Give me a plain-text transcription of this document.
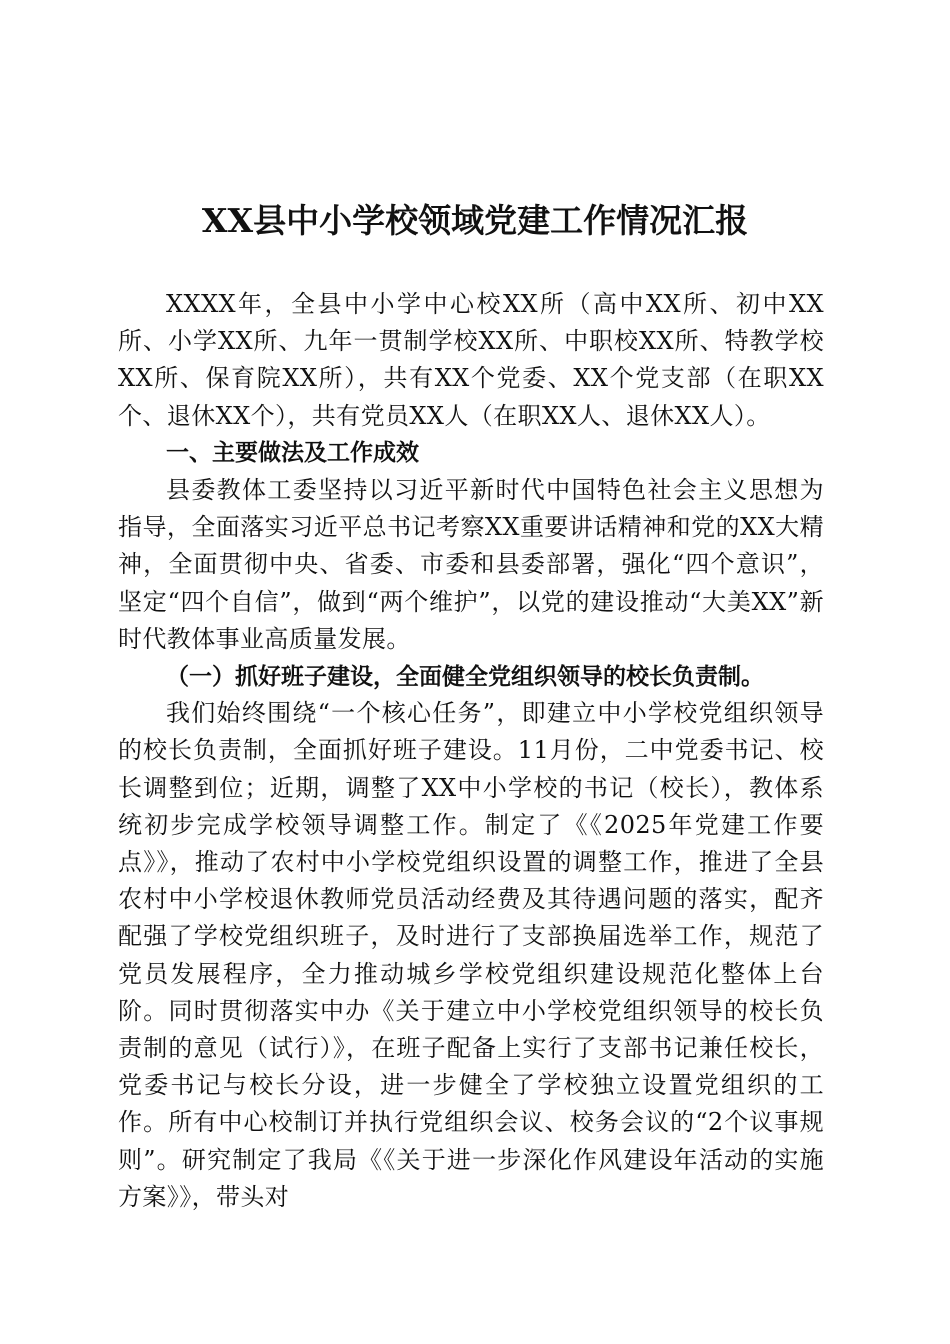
XX县中小学校领域党建工作情况汇报

XXXX年，全县中小学中心校XX所（高中XX所、初中XX所、小学XX所、九年一贯制学校XX所、中职校XX所、特教学校XX所、保育院XX所），共有XX个党委、XX个党支部（在职XX个、退休XX个），共有党员XX人（在职XX人、退休XX人）。

一、主要做法及工作成效

县委教体工委坚持以习近平新时代中国特色社会主义思想为指导，全面落实习近平总书记考察XX重要讲话精神和党的XX大精神，全面贯彻中央、省委、市委和县委部署，强化“四个意识”，坚定“四个自信”，做到“两个维护”，以党的建设推动“大美XX”新时代教体事业高质量发展。

（一）抓好班子建设，全面健全党组织领导的校长负责制。

我们始终围绕“一个核心任务”，即建立中小学校党组织领导的校长负责制，全面抓好班子建设。11月份，二中党委书记、校长调整到位；近期，调整了XX中小学校的书记（校长），教体系统初步完成学校领导调整工作。制定了《《2025年党建工作要点》》，推动了农村中小学校党组织设置的调整工作，推进了全县农村中小学校退休教师党员活动经费及其待遇问题的落实，配齐配强了学校党组织班子，及时进行了支部换届选举工作，规范了党员发展程序，全力推动城乡学校党组织建设规范化整体上台阶。同时贯彻落实中办《关于建立中小学校党组织领导的校长负责制的意见（试行）》，在班子配备上实行了支部书记兼任校长，党委书记与校长分设，进一步健全了学校独立设置党组织的工作。所有中心校制订并执行党组织会议、校务会议的“2个议事规则”。研究制定了我局《《关于进一步深化作风建设年活动的实施方案》》，带头对
